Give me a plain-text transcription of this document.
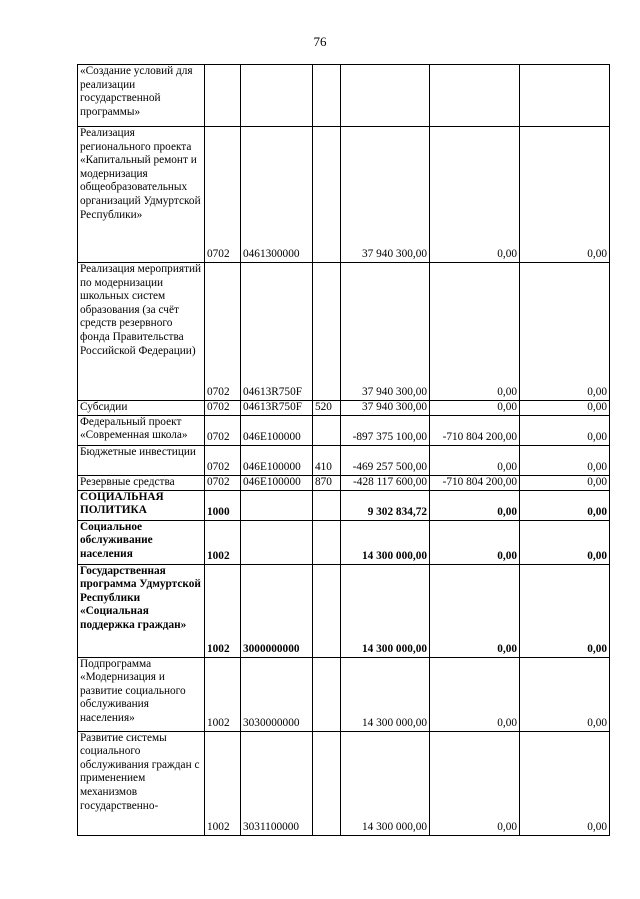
76
«Создание условий для реализации государственной программы»						
Реализация регионального проекта «Капитальный ремонт и модернизация общеобразовательных организаций Удмуртской Республики»	0702	0461300000		37 940 300,00	0,00	0,00
Реализация мероприятий по модернизации школьных систем образования (за счёт средств резервного фонда Правительства Российской Федерации)	0702	04613R750F		37 940 300,00	0,00	0,00
Субсидии	0702	04613R750F	520	37 940 300,00	0,00	0,00
Федеральный проект «Современная школа»	0702	046E100000		-897 375 100,00	-710 804 200,00	0,00
Бюджетные инвестиции	0702	046E100000	410	-469 257 500,00	0,00	0,00
Резервные средства	0702	046E100000	870	-428 117 600,00	-710 804 200,00	0,00
СОЦИАЛЬНАЯ ПОЛИТИКА	1000			9 302 834,72	0,00	0,00
Социальное обслуживание населения	1002			14 300 000,00	0,00	0,00
Государственная программа Удмуртской Республики «Социальная поддержка граждан»	1002	3000000000		14 300 000,00	0,00	0,00
Подпрограмма «Модернизация и развитие социального обслуживания населения»	1002	3030000000		14 300 000,00	0,00	0,00
Развитие системы социального обслуживания граждан с применением механизмов государственно-	1002	3031100000		14 300 000,00	0,00	0,00
